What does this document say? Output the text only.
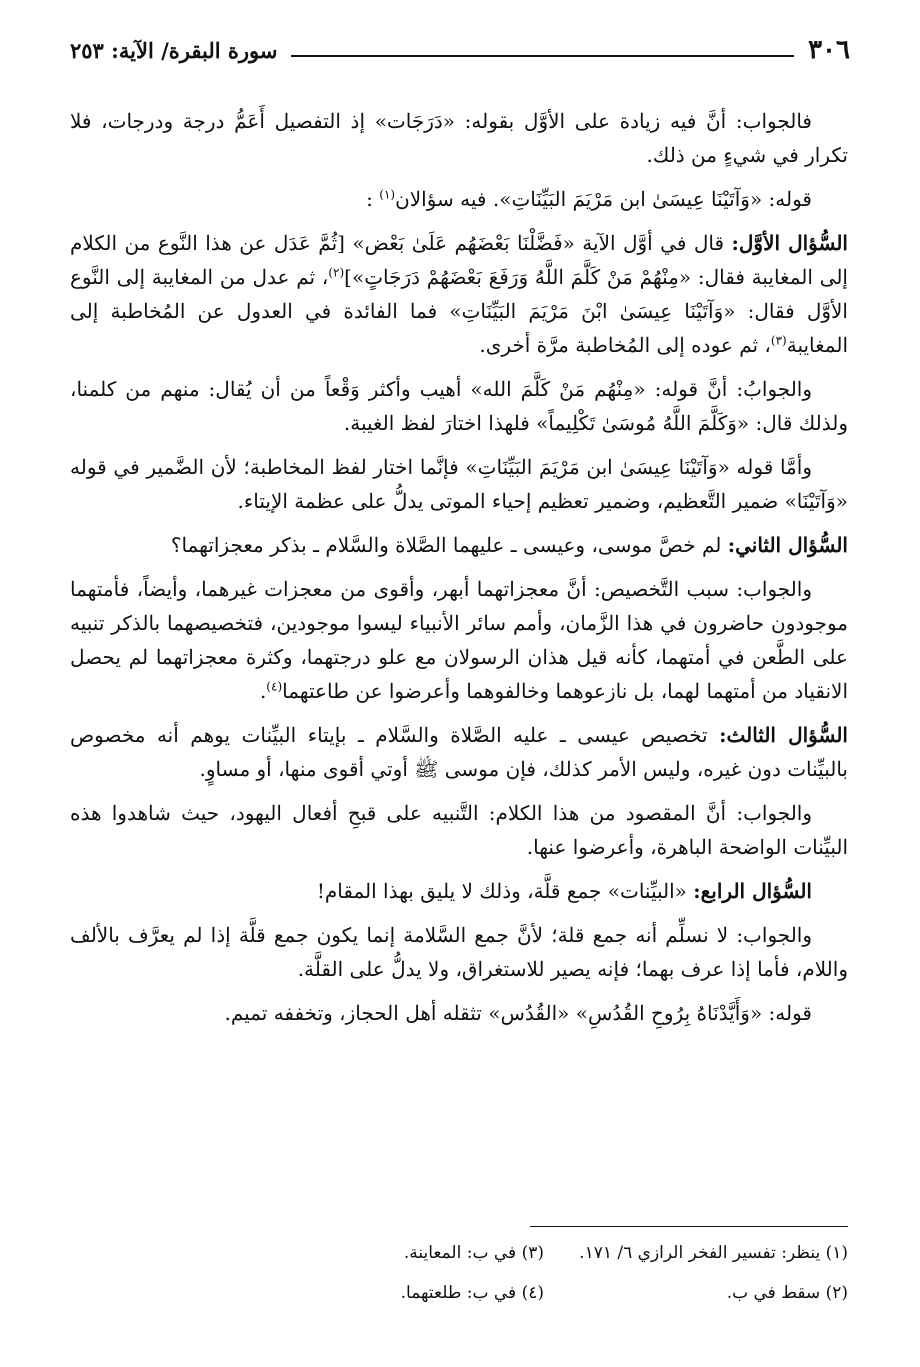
٣٠٦
سورة البقرة/ الآية: ٢٥٣

فالجواب: أنَّ فيه زيادة على الأوَّل بقوله: «دَرَجَات» إذ التفصيل أَعَمُّ درجة ودرجات، فلا تكرار في شيءٍ من ذلك.

قوله: «وَآتَيْنَا عِيسَىٰ ابن مَرْيَمَ البَيِّنَاتِ». فيه سؤالان$^{(١)}$ :

السُّؤال الأوَّل: قال في أوَّل الآية «فَضَّلْنَا بَعْضَهُم عَلَىٰ بَعْض» [ثُمَّ عَدَل عن هذا النَّوع من الكلام إلى المغايبة فقال: «مِنْهُمْ مَنْ كَلَّمَ اللَّهُ وَرَفَعَ بَعْضَهُمْ دَرَجَاتٍ»]$^{(٢)}$، ثم عدل من المغايبة إلى النَّوع الأوَّل فقال: «وَآتَيْنَا عِيسَىٰ ابْنَ مَرْيَمَ البَيِّنَاتِ» فما الفائدة في العدول عن المُخاطبة إلى المغايبة$^{(٣)}$، ثم عوده إلى المُخاطبة مرَّة أخرى.

والجوابُ: أنَّ قوله: «مِنْهُم مَنْ كَلَّمَ الله» أهيب وأكثر وَقْعاً من أن يُقال: منهم من كلمنا، ولذلك قال: «وَكَلَّمَ اللَّهُ مُوسَىٰ تَكْلِيماً» فلهذا اختارَ لفظ الغيبة.

وأمَّا قوله «وَآتَيْنَا عِيسَىٰ ابن مَرْيَمَ البَيِّنَاتِ» فإنَّما اختار لفظ المخاطبة؛ لأن الضَّمير في قوله «وَآتَيْنَا» ضمير التَّعظيم، وضمير تعظيم إحياء الموتى يدلُّ على عظمة الإيتاء.

السُّؤال الثاني: لم خصَّ موسى، وعيسى ـ عليهما الصَّلاة والسَّلام ـ بذكر معجزاتهما؟

والجواب: سبب التَّخصيص: أنَّ معجزاتهما أبهر، وأقوى من معجزات غيرهما، وأيضاً، فأمتهما موجودون حاضرون في هذا الزَّمان، وأمم سائر الأنبياء ليسوا موجودين، فتخصيصهما بالذكر تنبيه على الطَّعن في أمتهما، كأنه قيل هذان الرسولان مع علو درجتهما، وكثرة معجزاتهما لم يحصل الانقياد من أمتهما لهما، بل نازعوهما وخالفوهما وأعرضوا عن طاعتهما$^{(٤)}$.

السُّؤال الثالث: تخصيص عيسى ـ عليه الصَّلاة والسَّلام ـ بإيتاء البيِّنات يوهم أنه مخصوص بالبيِّنات دون غيره، وليس الأمر كذلك، فإن موسى ﷺ أوتي أقوى منها، أو مساوٍ.

والجواب: أنَّ المقصود من هذا الكلام: التَّنبيه على قبحِ أفعال اليهود، حيث شاهدوا هذه البيِّنات الواضحة الباهرة، وأعرضوا عنها.

السُّؤال الرابع: «البيِّنات» جمع قلَّة، وذلك لا يليق بهذا المقام!

والجواب: لا نسلِّم أنه جمع قلة؛ لأنَّ جمع السَّلامة إنما يكون جمع قلَّة إذا لم يعرَّف بالألف واللام، فأما إذا عرف بهما؛ فإنه يصير للاستغراق، ولا يدلُّ على القلَّة.

قوله: «وَأَيَّدْنَاهُ بِرُوحِ القُدُسِ» «القُدُس» تثقله أهل الحجاز، وتخففه تميم.

(١) ينظر: تفسير الفخر الرازي ٦/ ١٧١.
(٣) في ب: المعاينة.
(٢) سقط في ب.
(٤) في ب: طلعتهما.
